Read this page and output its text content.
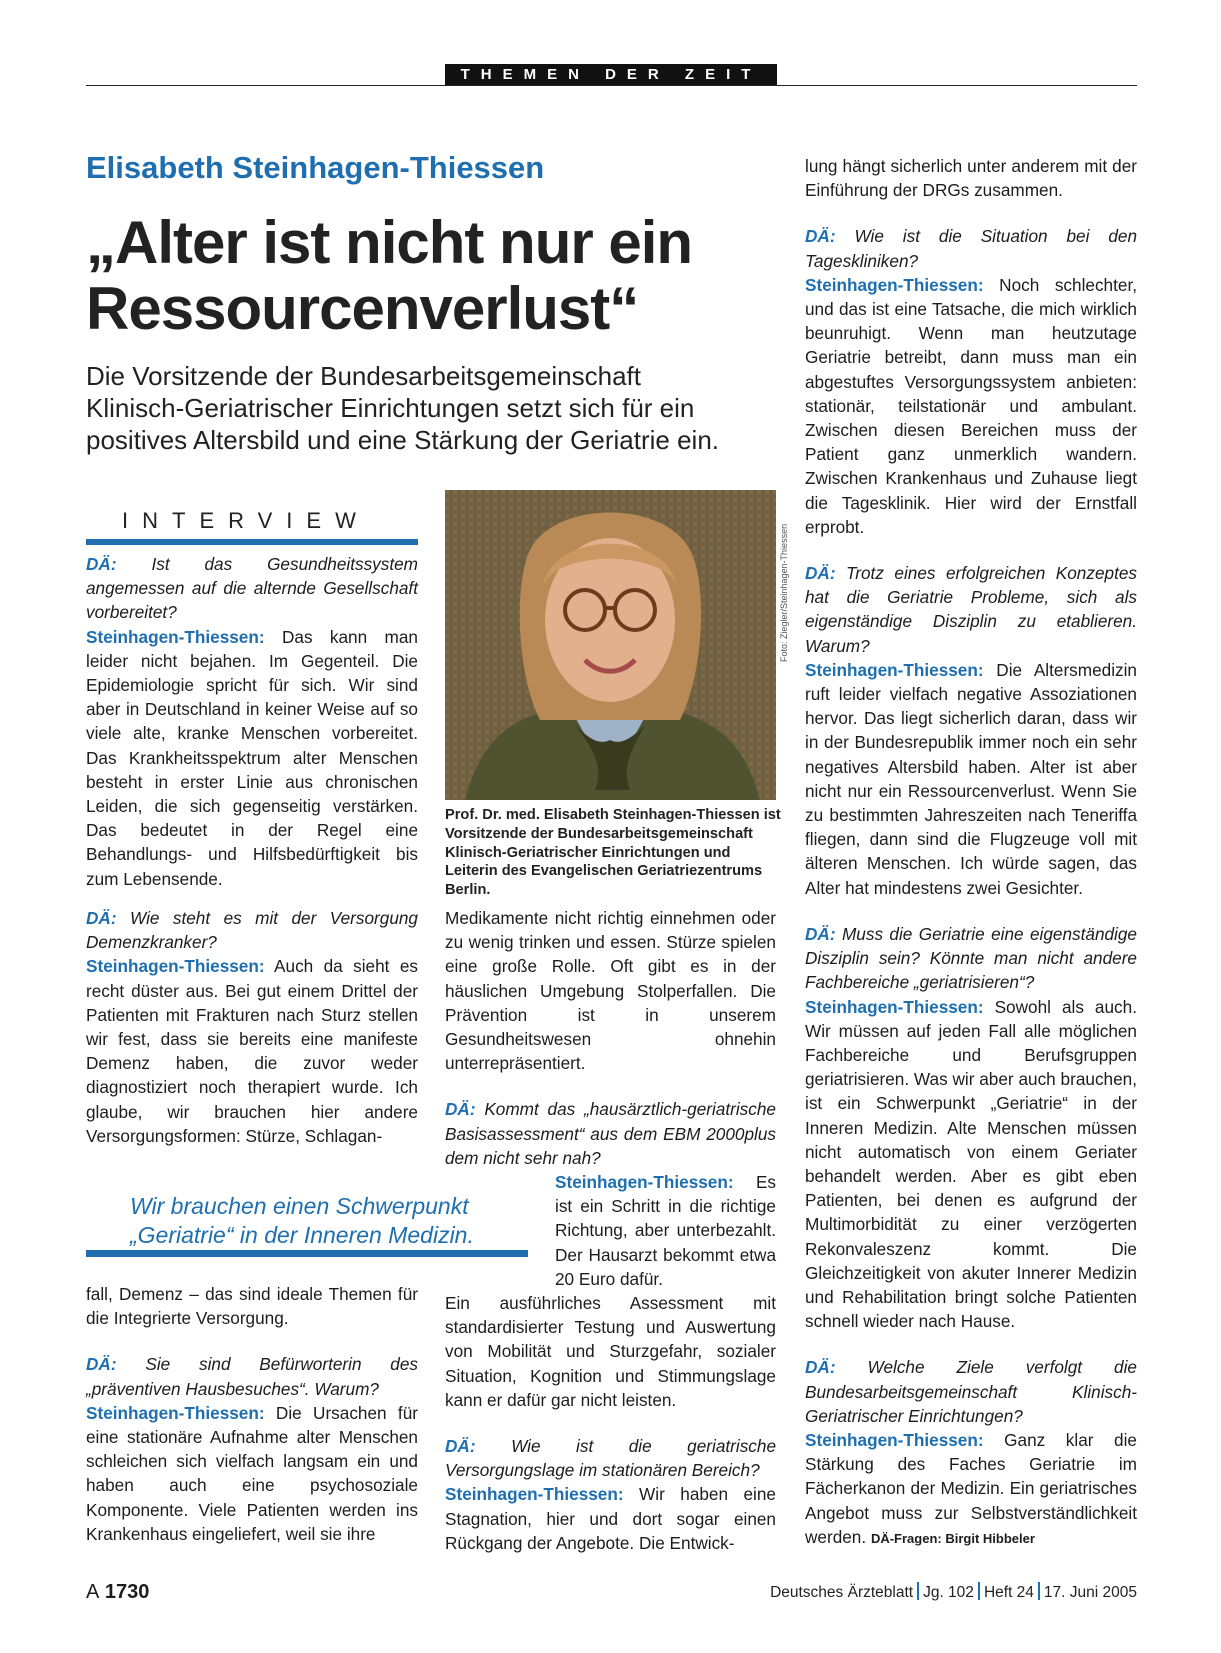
THEMEN DER ZEIT
Elisabeth Steinhagen-Thiessen
„Alter ist nicht nur ein Ressourcenverlust“
Die Vorsitzende der Bundesarbeitsgemeinschaft Klinisch-Geriatrischer Einrichtungen setzt sich für ein positives Altersbild und eine Stärkung der Geriatrie ein.
INTERVIEW

DÄ: Ist das Gesundheitssystem angemessen auf die alternde Gesellschaft vorbereitet?
Steinhagen-Thiessen: Das kann man leider nicht bejahen. Im Gegenteil. Die Epidemiologie spricht für sich. Wir sind aber in Deutschland in keiner Weise auf so viele alte, kranke Menschen vorbereitet. Das Krankheitsspektrum alter Menschen besteht in erster Linie aus chronischen Leiden, die sich gegenseitig verstärken. Das bedeutet in der Regel eine Behandlungs- und Hilfsbedürftigkeit bis zum Lebensende.

DÄ: Wie steht es mit der Versorgung Demenzkranker?
Steinhagen-Thiessen: Auch da sieht es recht düster aus. Bei gut einem Drittel der Patienten mit Frakturen nach Sturz stellen wir fest, dass sie bereits eine manifeste Demenz haben, die zuvor weder diagnostiziert noch therapiert wurde. Ich glaube, wir brauchen hier andere Versorgungsformen: Stürze, Schlagan-

Wir brauchen einen Schwerpunkt „Geriatrie“ in der Inneren Medizin.

fall, Demenz – das sind ideale Themen für die Integrierte Versorgung.

DÄ: Sie sind Befürworterin des „präventiven Hausbesuches“. Warum?
Steinhagen-Thiessen: Die Ursachen für eine stationäre Aufnahme alter Menschen schleichen sich vielfach langsam ein und haben auch eine psychosoziale Komponente. Viele Patienten werden ins Krankenhaus eingeliefert, weil sie ihre

Foto: Ziegler/Steinhagen-Thiessen
Prof. Dr. med. Elisabeth Steinhagen-Thiessen ist Vorsitzende der Bundesarbeitsgemeinschaft Klinisch-Geriatrischer Einrichtungen und Leiterin des Evangelischen Geriatriezentrums Berlin.

Medikamente nicht richtig einnehmen oder zu wenig trinken und essen. Stürze spielen eine große Rolle. Oft gibt es in der häuslichen Umgebung Stolperfallen. Die Prävention ist in unserem Gesundheitswesen ohnehin unterrepräsentiert.

DÄ: Kommt das „hausärztlich-geriatrische Basisassessment“ aus dem EBM 2000plus dem nicht sehr nah?

Steinhagen-Thiessen: Es ist ein Schritt in die richtige Richtung, aber unterbezahlt. Der Hausarzt bekommt etwa 20 Euro dafür.

Ein ausführliches Assessment mit standardisierter Testung und Auswertung von Mobilität und Sturzgefahr, sozialer Situation, Kognition und Stimmungslage kann er dafür gar nicht leisten.

DÄ: Wie ist die geriatrische Versorgungslage im stationären Bereich?
Steinhagen-Thiessen: Wir haben eine Stagnation, hier und dort sogar einen Rückgang der Angebote. Die Entwick-

lung hängt sicherlich unter anderem mit der Einführung der DRGs zusammen.

DÄ: Wie ist die Situation bei den Tageskliniken?
Steinhagen-Thiessen: Noch schlechter, und das ist eine Tatsache, die mich wirklich beunruhigt. Wenn man heutzutage Geriatrie betreibt, dann muss man ein abgestuftes Versorgungssystem anbieten: stationär, teilstationär und ambulant. Zwischen diesen Bereichen muss der Patient ganz unmerklich wandern. Zwischen Krankenhaus und Zuhause liegt die Tagesklinik. Hier wird der Ernstfall erprobt.

DÄ: Trotz eines erfolgreichen Konzeptes hat die Geriatrie Probleme, sich als eigenständige Disziplin zu etablieren. Warum?
Steinhagen-Thiessen: Die Altersmedizin ruft leider vielfach negative Assoziationen hervor. Das liegt sicherlich daran, dass wir in der Bundesrepublik immer noch ein sehr negatives Altersbild haben. Alter ist aber nicht nur ein Ressourcenverlust. Wenn Sie zu bestimmten Jahreszeiten nach Teneriffa fliegen, dann sind die Flugzeuge voll mit älteren Menschen. Ich würde sagen, das Alter hat mindestens zwei Gesichter.

DÄ: Muss die Geriatrie eine eigenständige Disziplin sein? Könnte man nicht andere Fachbereiche „geriatrisieren“?
Steinhagen-Thiessen: Sowohl als auch. Wir müssen auf jeden Fall alle möglichen Fachbereiche und Berufsgruppen geriatrisieren. Was wir aber auch brauchen, ist ein Schwerpunkt „Geriatrie“ in der Inneren Medizin. Alte Menschen müssen nicht automatisch von einem Geriater behandelt werden. Aber es gibt eben Patienten, bei denen es aufgrund der Multimorbidität zu einer verzögerten Rekonvaleszenz kommt. Die Gleichzeitigkeit von akuter Innerer Medizin und Rehabilitation bringt solche Patienten schnell wieder nach Hause.

DÄ: Welche Ziele verfolgt die Bundesarbeitsgemeinschaft Klinisch-Geriatrischer Einrichtungen?
Steinhagen-Thiessen: Ganz klar die Stärkung des Faches Geriatrie im Fächerkanon der Medizin. Ein geriatrisches Angebot muss zur Selbstverständlichkeit werden. DÄ-Fragen: Birgit Hibbeler

A 1730	Deutsches Ärzteblatt Jg. 102 Heft 24 17. Juni 2005
